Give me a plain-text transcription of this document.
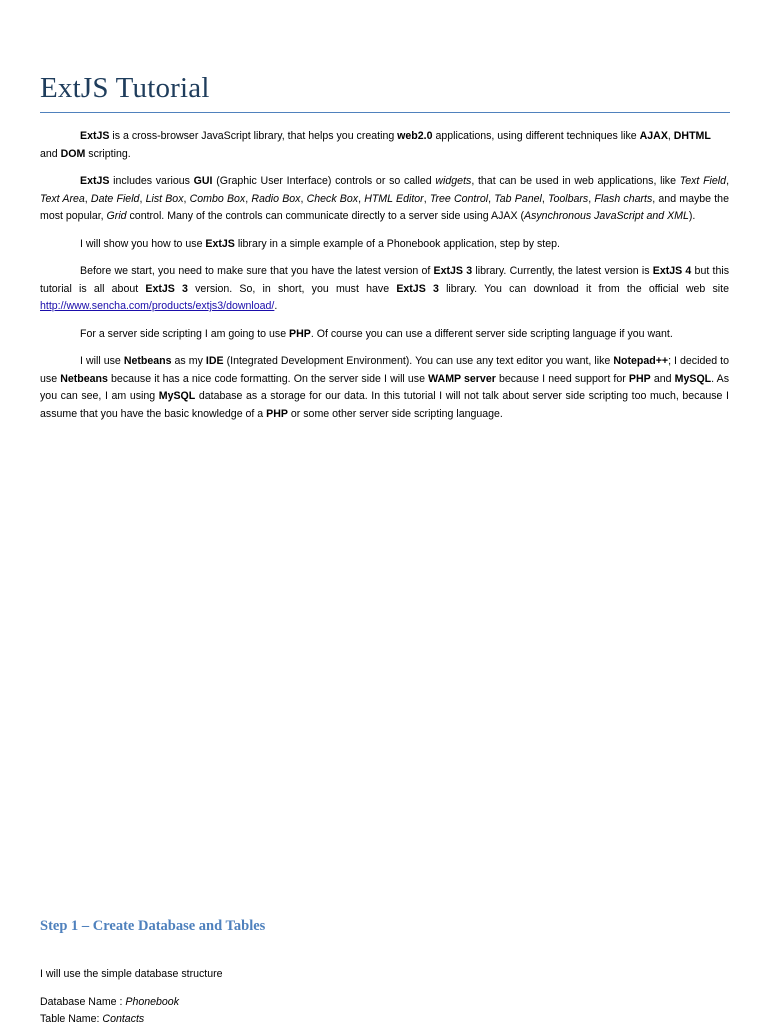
ExtJS Tutorial

ExtJS is a cross-browser JavaScript library, that helps you creating web2.0 applications, using different techniques like AJAX, DHTML and DOM scripting.

ExtJS includes various GUI (Graphic User Interface) controls or so called widgets, that can be used in web applications, like Text Field, Text Area, Date Field, List Box, Combo Box, Radio Box, Check Box, HTML Editor, Tree Control, Tab Panel, Toolbars, Flash charts, and maybe the most popular, Grid control. Many of the controls can communicate directly to a server side using AJAX (Asynchronous JavaScript and XML).

I will show you how to use ExtJS library in a simple example of a Phonebook application, step by step.

Before we start, you need to make sure that you have the latest version of ExtJS 3 library. Currently, the latest version is ExtJS 4 but this tutorial is all about ExtJS 3 version. So, in short, you must have ExtJS 3 library. You can download it from the official web site http://www.sencha.com/products/extjs3/download/.

For a server side scripting I am going to use PHP. Of course you can use a different server side scripting language if you want.

I will use Netbeans as my IDE (Integrated Development Environment). You can use any text editor you want, like Notepad++; I decided to use Netbeans because it has a nice code formatting. On the server side I will use WAMP server because I need support for PHP and MySQL. As you can see, I am using MySQL database as a storage for our data. In this tutorial I will not talk about server side scripting too much, because I assume that you have the basic knowledge of a PHP or some other server side scripting language.

Step 1 – Create Database and Tables

I will use the simple database structure

Database Name : Phonebook

Table Name: Contacts
